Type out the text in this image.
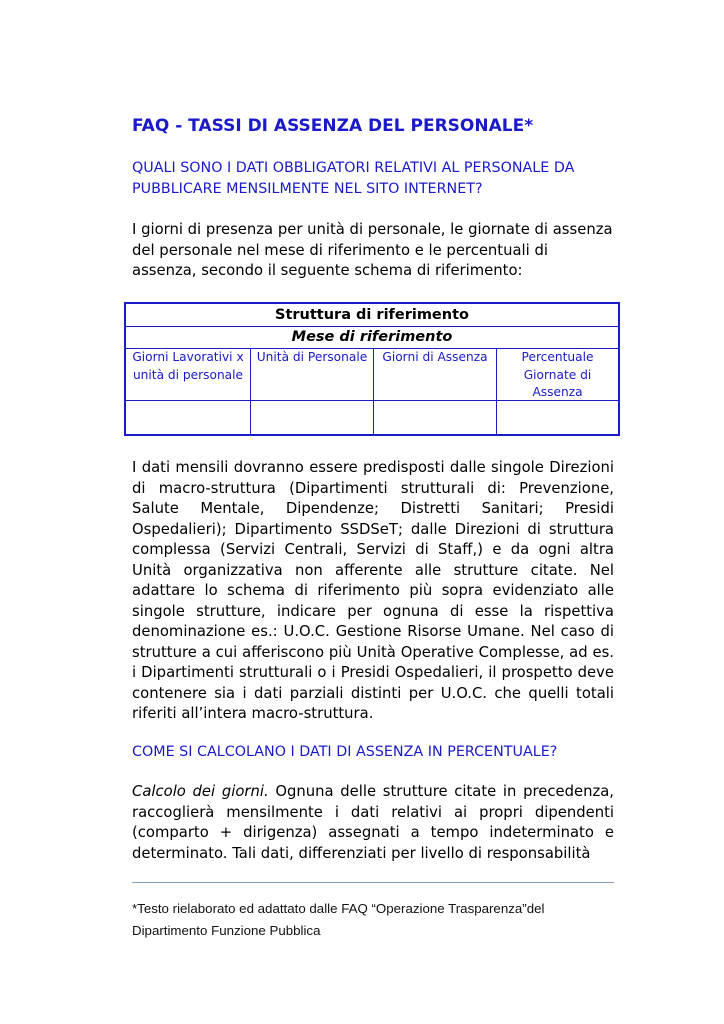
FAQ - TASSI DI ASSENZA DEL PERSONALE*
QUALI SONO I DATI OBBLIGATORI RELATIVI AL PERSONALE DA PUBBLICARE MENSILMENTE NEL SITO INTERNET?
I giorni di presenza per unità di personale, le giornate di assenza del personale nel mese di riferimento e le percentuali di assenza, secondo il seguente schema di riferimento:
Struttura di riferimento
Mese di riferimento
Giorni Lavorativi x unità di personale
Unità di Personale	Giorni di Assenza	Percentuale Giornate di Assenza
I dati mensili dovranno essere predisposti dalle singole Direzioni di macro-struttura (Dipartimenti strutturali di: Prevenzione, Salute Mentale, Dipendenze; Distretti Sanitari; Presidi Ospedalieri); Dipartimento SSDSeT; dalle Direzioni di struttura complessa (Servizi Centrali, Servizi di Staff,) e da ogni altra Unità organizzativa non afferente alle strutture citate. Nel adattare lo schema di riferimento più sopra evidenziato alle singole strutture, indicare per ognuna di esse la rispettiva denominazione es.: U.O.C. Gestione Risorse Umane. Nel caso di strutture a cui afferiscono più Unità Operative Complesse, ad es. i Dipartimenti strutturali o i Presidi Ospedalieri, il prospetto deve contenere sia i dati parziali distinti per U.O.C. che quelli totali riferiti all’intera macro-struttura.
COME SI CALCOLANO I DATI DI ASSENZA IN PERCENTUALE?
Calcolo dei giorni. Ognuna delle strutture citate in precedenza, raccoglierà mensilmente i dati relativi ai propri dipendenti (comparto + dirigenza) assegnati a tempo indeterminato e determinato. Tali dati, differenziati per livello di responsabilità
*Testo rielaborato ed adattato dalle FAQ “Operazione Trasparenza”del Dipartimento Funzione Pubblica
